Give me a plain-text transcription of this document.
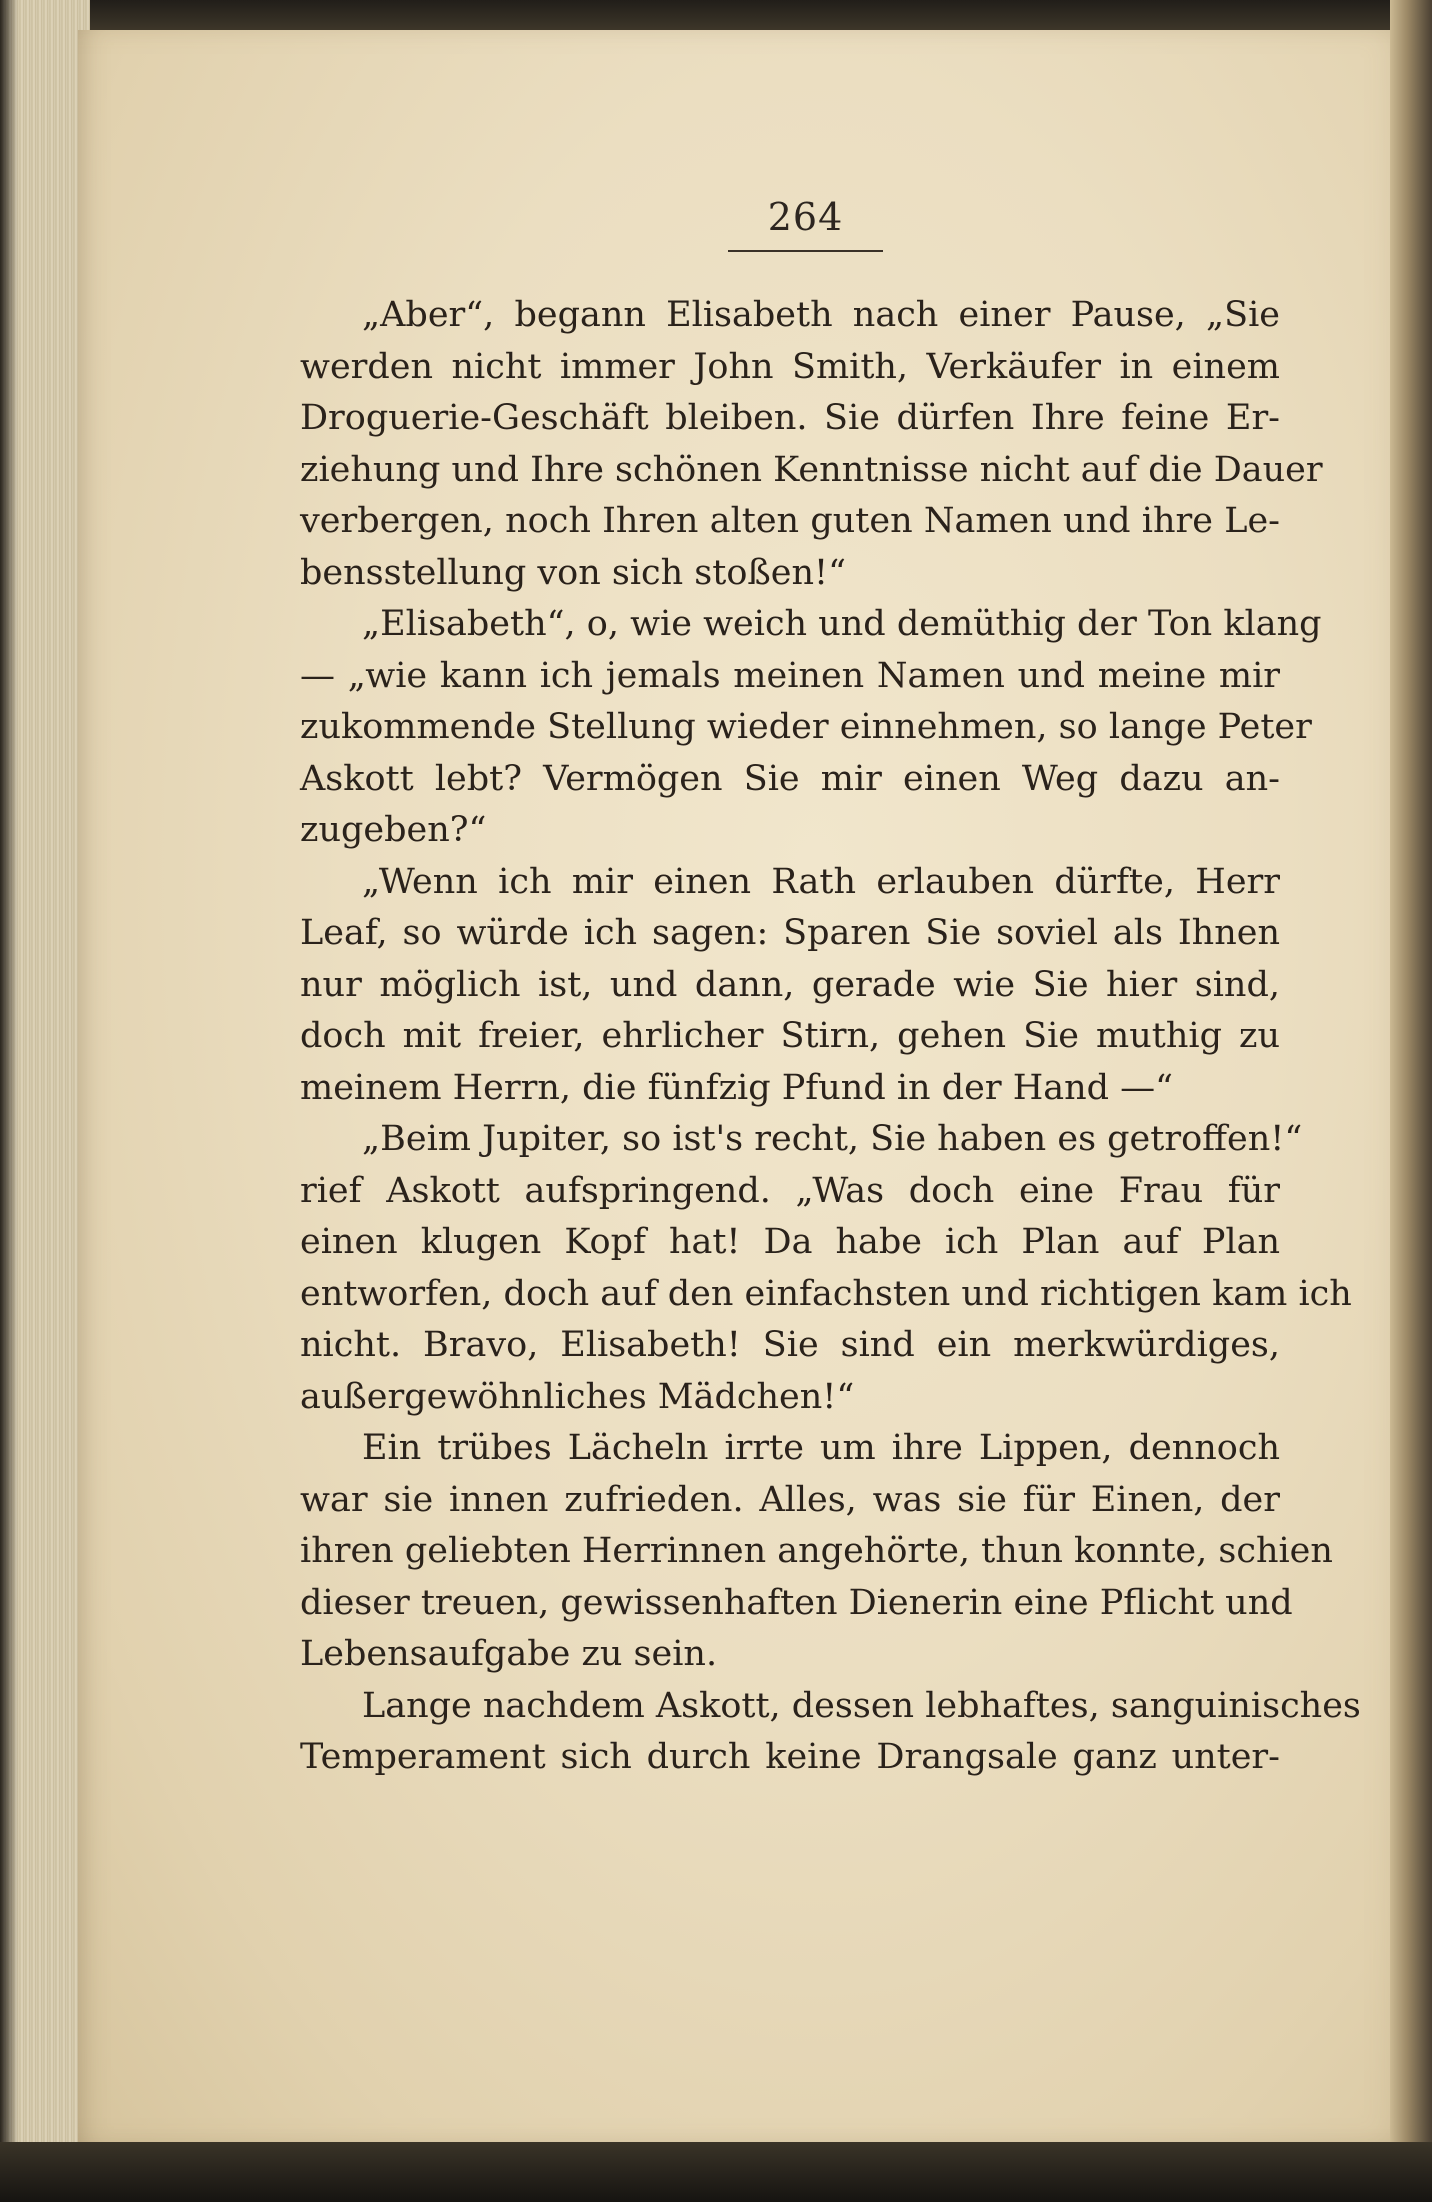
264
„Aber“, begann Elisabeth nach einer Pause, „Sie
werden nicht immer John Smith, Verkäufer in einem
Droguerie-Geschäft bleiben. Sie dürfen Ihre feine Er-
ziehung und Ihre schönen Kenntnisse nicht auf die Dauer
verbergen, noch Ihren alten guten Namen und ihre Le-
bensstellung von sich stoßen!“
„Elisabeth“, o, wie weich und demüthig der Ton klang
— „wie kann ich jemals meinen Namen und meine mir
zukommende Stellung wieder einnehmen, so lange Peter
Askott lebt? Vermögen Sie mir einen Weg dazu an-
zugeben?“
„Wenn ich mir einen Rath erlauben dürfte, Herr
Leaf, so würde ich sagen: Sparen Sie soviel als Ihnen
nur möglich ist, und dann, gerade wie Sie hier sind,
doch mit freier, ehrlicher Stirn, gehen Sie muthig zu
meinem Herrn, die fünfzig Pfund in der Hand —“
„Beim Jupiter, so ist's recht, Sie haben es getroffen!“
rief Askott aufspringend. „Was doch eine Frau für
einen klugen Kopf hat! Da habe ich Plan auf Plan
entworfen, doch auf den einfachsten und richtigen kam ich
nicht. Bravo, Elisabeth! Sie sind ein merkwürdiges,
außergewöhnliches Mädchen!“
Ein trübes Lächeln irrte um ihre Lippen, dennoch
war sie innen zufrieden. Alles, was sie für Einen, der
ihren geliebten Herrinnen angehörte, thun konnte, schien
dieser treuen, gewissenhaften Dienerin eine Pflicht und
Lebensaufgabe zu sein.
Lange nachdem Askott, dessen lebhaftes, sanguinisches
Temperament sich durch keine Drangsale ganz unter-
